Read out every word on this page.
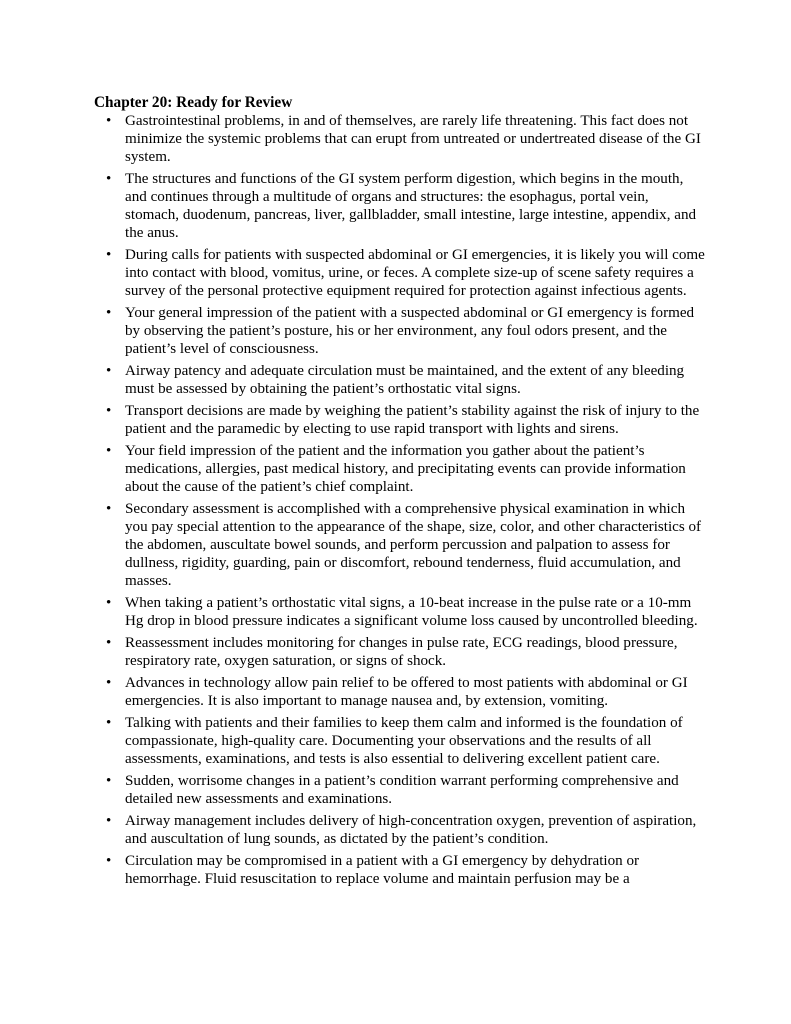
Chapter 20: Ready for Review
• Gastrointestinal problems, in and of themselves, are rarely life threatening. This fact does not minimize the systemic problems that can erupt from untreated or undertreated disease of the GI system.
• The structures and functions of the GI system perform digestion, which begins in the mouth, and continues through a multitude of organs and structures: the esophagus, portal vein, stomach, duodenum, pancreas, liver, gallbladder, small intestine, large intestine, appendix, and the anus.
• During calls for patients with suspected abdominal or GI emergencies, it is likely you will come into contact with blood, vomitus, urine, or feces. A complete size-up of scene safety requires a survey of the personal protective equipment required for protection against infectious agents.
• Your general impression of the patient with a suspected abdominal or GI emergency is formed by observing the patient’s posture, his or her environment, any foul odors present, and the patient’s level of consciousness.
• Airway patency and adequate circulation must be maintained, and the extent of any bleeding must be assessed by obtaining the patient’s orthostatic vital signs.
• Transport decisions are made by weighing the patient’s stability against the risk of injury to the patient and the paramedic by electing to use rapid transport with lights and sirens.
• Your field impression of the patient and the information you gather about the patient’s medications, allergies, past medical history, and precipitating events can provide information about the cause of the patient’s chief complaint.
• Secondary assessment is accomplished with a comprehensive physical examination in which you pay special attention to the appearance of the shape, size, color, and other characteristics of the abdomen, auscultate bowel sounds, and perform percussion and palpation to assess for dullness, rigidity, guarding, pain or discomfort, rebound tenderness, fluid accumulation, and masses.
• When taking a patient’s orthostatic vital signs, a 10-beat increase in the pulse rate or a 10-mm Hg drop in blood pressure indicates a significant volume loss caused by uncontrolled bleeding.
• Reassessment includes monitoring for changes in pulse rate, ECG readings, blood pressure, respiratory rate, oxygen saturation, or signs of shock.
• Advances in technology allow pain relief to be offered to most patients with abdominal or GI emergencies. It is also important to manage nausea and, by extension, vomiting.
• Talking with patients and their families to keep them calm and informed is the foundation of compassionate, high-quality care. Documenting your observations and the results of all assessments, examinations, and tests is also essential to delivering excellent patient care.
• Sudden, worrisome changes in a patient’s condition warrant performing comprehensive and detailed new assessments and examinations.
• Airway management includes delivery of high-concentration oxygen, prevention of aspiration, and auscultation of lung sounds, as dictated by the patient’s condition.
• Circulation may be compromised in a patient with a GI emergency by dehydration or hemorrhage. Fluid resuscitation to replace volume and maintain perfusion may be a
